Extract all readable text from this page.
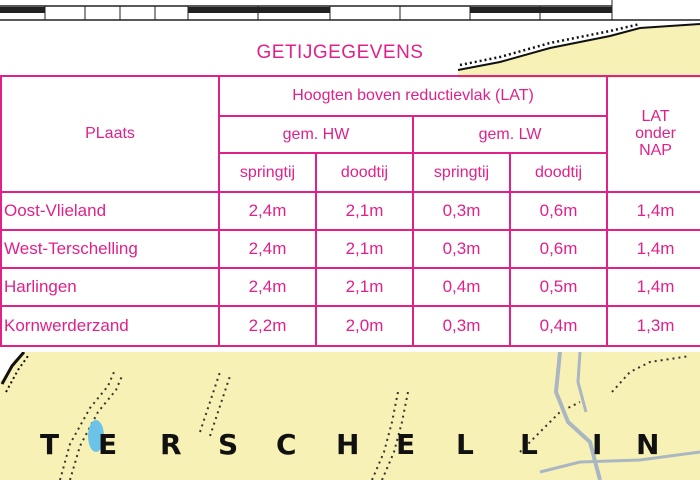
GETIJGEGEVENS
PLaats	Hoogten boven reductievlak (LAT)				LAT
onder
NAP
	gem. HW		gem. LW		
	springtij	doodtij	springtij	doodtij	
Oost-Vlieland	2,4m	2,1m	0,3m	0,6m	1,4m
West-Terschelling	2,4m	2,1m	0,3m	0,6m	1,4m
Harlingen	2,4m	2,1m	0,4m	0,5m	1,4m
Kornwerderzand	2,2m	2,0m	0,3m	0,4m	1,3m
T E R S C H E L L I N
